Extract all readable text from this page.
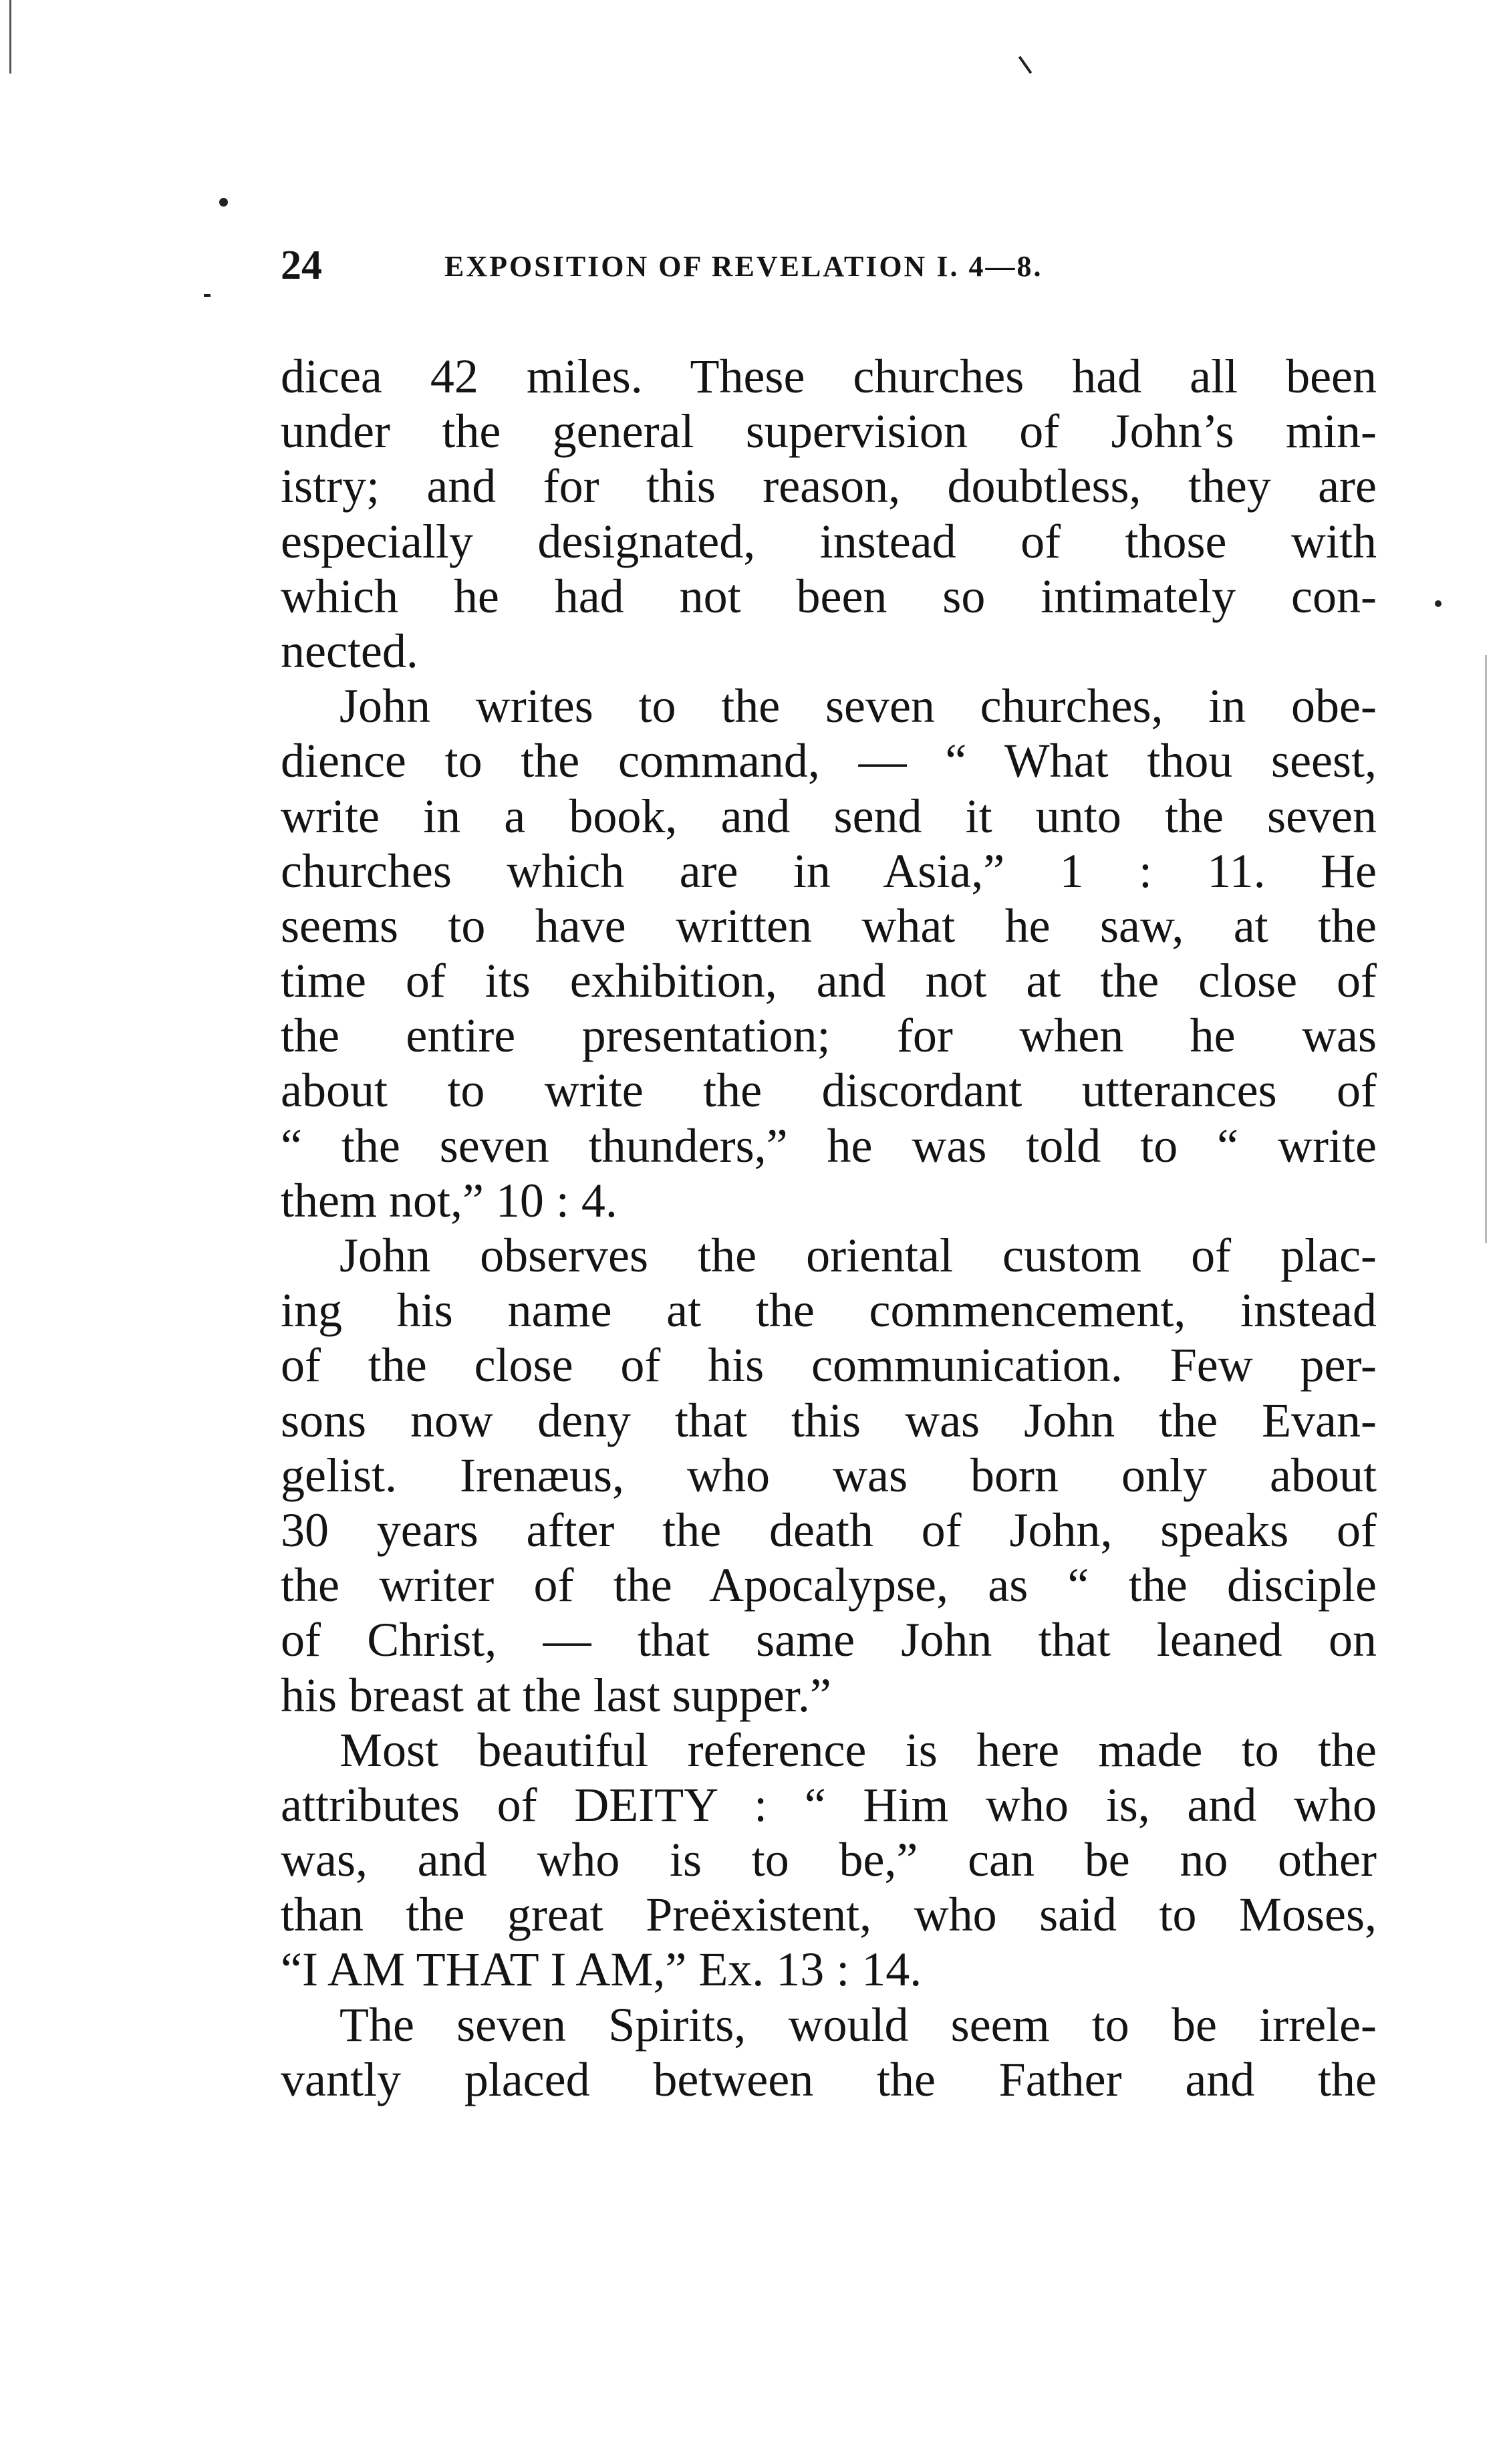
24	EXPOSITION OF REVELATION I. 4—8.
dicea 42 miles. These churches had all been
under the general supervision of John’s min-
istry; and for this reason, doubtless, they are
especially designated, instead of those with
which he had not been so intimately con-
nected.
John writes to the seven churches, in obe-
dience to the command, — “ What thou seest,
write in a book, and send it unto the seven
churches which are in Asia,” 1 : 11. He
seems to have written what he saw, at the
time of its exhibition, and not at the close of
the entire presentation; for when he was
about to write the discordant utterances of
“ the seven thunders,” he was told to “ write
them not,” 10 : 4.
John observes the oriental custom of plac-
ing his name at the commencement, instead
of the close of his communication. Few per-
sons now deny that this was John the Evan-
gelist. Irenæus, who was born only about
30 years after the death of John, speaks of
the writer of the Apocalypse, as “ the disciple
of Christ, — that same John that leaned on
his breast at the last supper.”
Most beautiful reference is here made to the
attributes of DEITY : “ Him who is, and who
was, and who is to be,” can be no other
than the great Preëxistent, who said to Moses,
“I AM THAT I AM,” Ex. 13 : 14.
The seven Spirits, would seem to be irrele-
vantly placed between the Father and the
